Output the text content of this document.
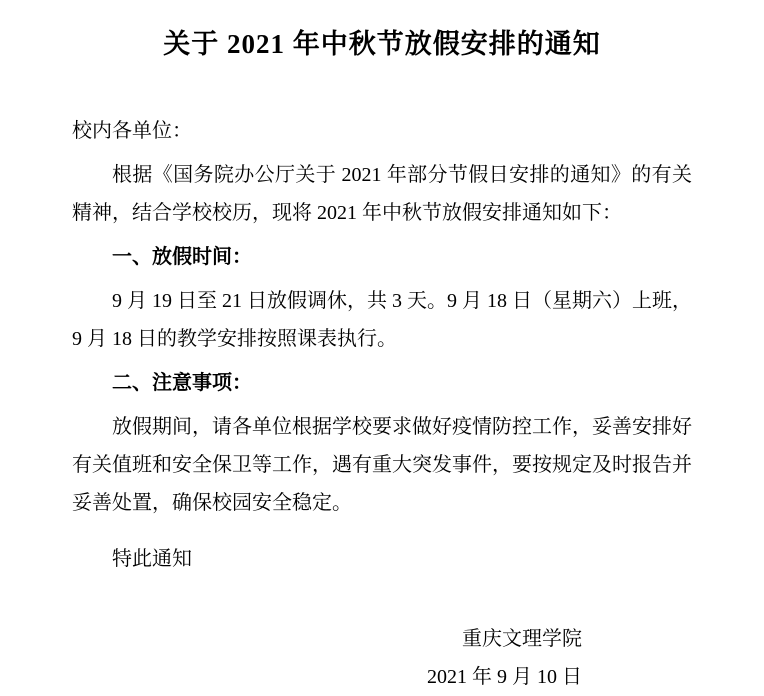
关于 2021 年中秋节放假安排的通知
校内各单位：

根据《国务院办公厅关于 2021 年部分节假日安排的通知》的有关精神，结合学校校历，现将 2021 年中秋节放假安排通知如下：

一、放假时间：

9 月 19 日至 21 日放假调休，共 3 天。9 月 18 日（星期六）上班，9 月 18 日的教学安排按照课表执行。

二、注意事项：

放假期间，请各单位根据学校要求做好疫情防控工作，妥善安排好有关值班和安全保卫等工作，遇有重大突发事件，要按规定及时报告并妥善处置，确保校园安全稳定。

特此通知

重庆文理学院
2021 年 9 月 10 日
